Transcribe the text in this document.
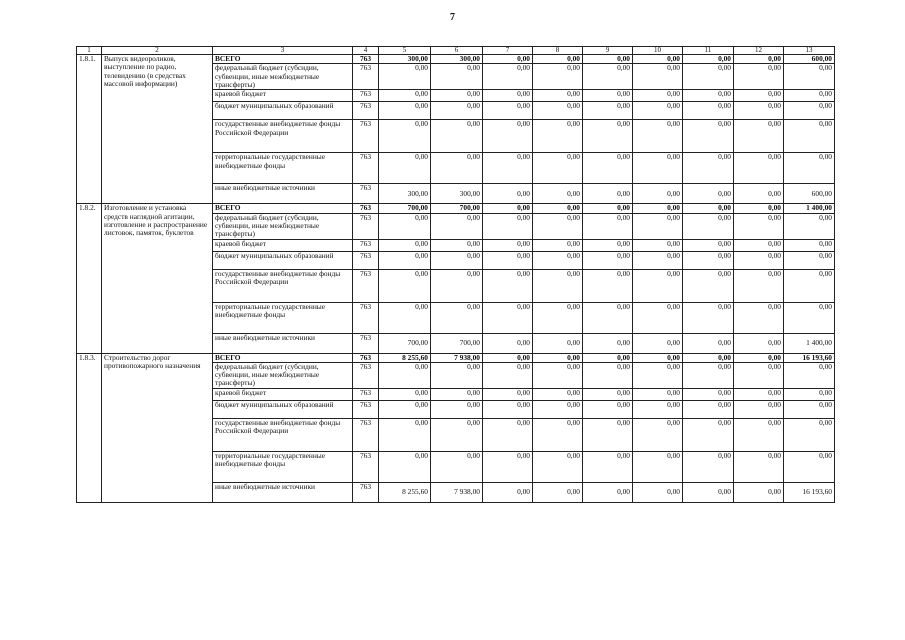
7
1	2	3	4	5	6	7	8	9	10	11	12	13
1.8.1.	Выпуск видеороликов, выступление по радио, телевидению (в средствах массовой информации)	ВСЕГО	763	300,00	300,00	0,00	0,00	0,00	0,00	0,00	0,00	600,00
		федеральный бюджет (субсидии, субвенции, иные межбюджетные трансферты)	763	0,00	0,00	0,00	0,00	0,00	0,00	0,00	0,00	0,00
		краевой бюджет	763	0,00	0,00	0,00	0,00	0,00	0,00	0,00	0,00	0,00
		бюджет муниципальных образований	763	0,00	0,00	0,00	0,00	0,00	0,00	0,00	0,00	0,00
		государственные внебюджетные фонды Российской Федерации	763	0,00	0,00	0,00	0,00	0,00	0,00	0,00	0,00	0,00
		территориальные государственные внебюджетные фонды	763	0,00	0,00	0,00	0,00	0,00	0,00	0,00	0,00	0,00
		иные внебюджетные источники	763	300,00	300,00	0,00	0,00	0,00	0,00	0,00	0,00	600,00
1.8.2.	Изготовление и установка средств наглядной агитации, изготовление и распространение листовок, памяток, буклетов	ВСЕГО	763	700,00	700,00	0,00	0,00	0,00	0,00	0,00	0,00	1 400,00
		федеральный бюджет (субсидии, субвенции, иные межбюджетные трансферты)	763	0,00	0,00	0,00	0,00	0,00	0,00	0,00	0,00	0,00
		краевой бюджет	763	0,00	0,00	0,00	0,00	0,00	0,00	0,00	0,00	0,00
		бюджет муниципальных образований	763	0,00	0,00	0,00	0,00	0,00	0,00	0,00	0,00	0,00
		государственные внебюджетные фонды Российской Федерации	763	0,00	0,00	0,00	0,00	0,00	0,00	0,00	0,00	0,00
		территориальные государственные внебюджетные фонды	763	0,00	0,00	0,00	0,00	0,00	0,00	0,00	0,00	0,00
		иные внебюджетные источники	763	700,00	700,00	0,00	0,00	0,00	0,00	0,00	0,00	1 400,00
1.8.3.	Строительство дорог противопожарного назначения	ВСЕГО	763	8 255,60	7 938,00	0,00	0,00	0,00	0,00	0,00	0,00	16 193,60
		федеральный бюджет (субсидии, субвенции, иные межбюджетные трансферты)	763	0,00	0,00	0,00	0,00	0,00	0,00	0,00	0,00	0,00
		краевой бюджет	763	0,00	0,00	0,00	0,00	0,00	0,00	0,00	0,00	0,00
		бюджет муниципальных образований	763	0,00	0,00	0,00	0,00	0,00	0,00	0,00	0,00	0,00
		государственные внебюджетные фонды Российской Федерации	763	0,00	0,00	0,00	0,00	0,00	0,00	0,00	0,00	0,00
		территориальные государственные внебюджетные фонды	763	0,00	0,00	0,00	0,00	0,00	0,00	0,00	0,00	0,00
		иные внебюджетные источники	763	8 255,60	7 938,00	0,00	0,00	0,00	0,00	0,00	0,00	16 193,60
